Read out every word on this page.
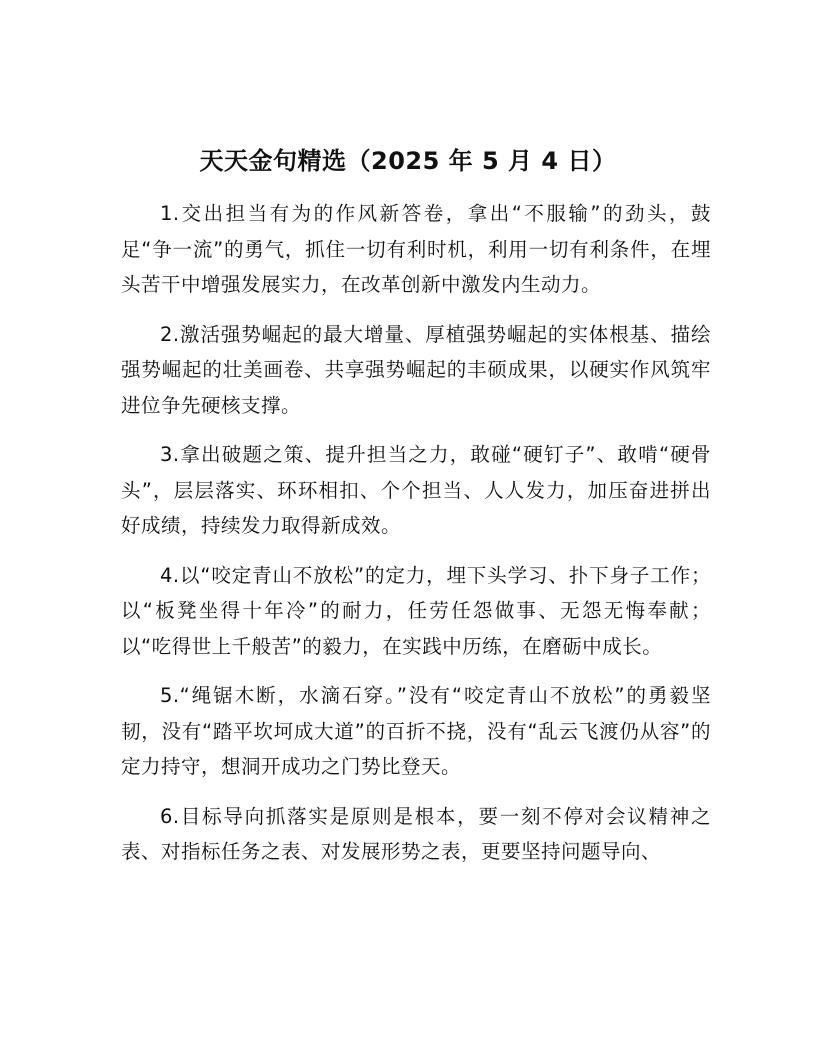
天天金句精选（2025 年 5 月 4 日）

1.交出担当有为的作风新答卷，拿出“不服输”的劲头，鼓足“争一流”的勇气，抓住一切有利时机，利用一切有利条件，在埋头苦干中增强发展实力，在改革创新中激发内生动力。

2.激活强势崛起的最大增量、厚植强势崛起的实体根基、描绘强势崛起的壮美画卷、共享强势崛起的丰硕成果，以硬实作风筑牢进位争先硬核支撑。

3.拿出破题之策、提升担当之力，敢碰“硬钉子”、敢啃“硬骨头”，层层落实、环环相扣、个个担当、人人发力，加压奋进拼出好成绩，持续发力取得新成效。

4.以“咬定青山不放松”的定力，埋下头学习、扑下身子工作；以“板凳坐得十年冷”的耐力，任劳任怨做事、无怨无悔奉献；以“吃得世上千般苦”的毅力，在实践中历练，在磨砺中成长。

5.“绳锯木断，水滴石穿。”没有“咬定青山不放松”的勇毅坚韧，没有“踏平坎坷成大道”的百折不挠，没有“乱云飞渡仍从容”的定力持守，想洞开成功之门势比登天。

6.目标导向抓落实是原则是根本，要一刻不停对会议精神之表、对指标任务之表、对发展形势之表，更要坚持问题导向、
